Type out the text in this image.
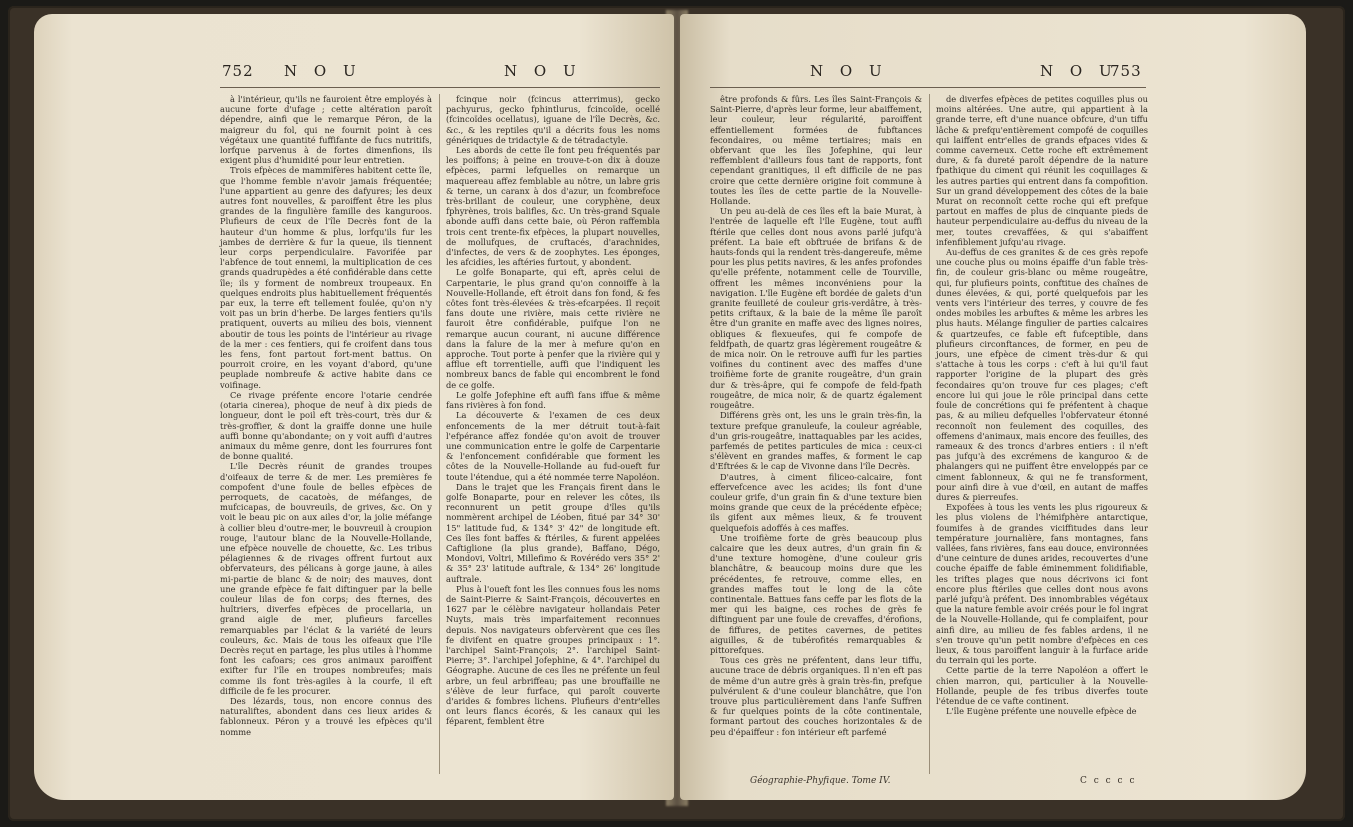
752 N O U	N O U

à l'intérieur, qu'ils ne fauroient être employés à aucune forte d'ufage ; cette altération paroît dépendre, ainfi que le remarque Péron, de la maigreur du fol, qui ne fournit point à ces végétaux une quantité fuffifante de fucs nutritifs, lorfque parvenus à de fortes dimenfions, ils exigent plus d'humidité pour leur entretien.

Trois efpèces de mammifères habitent cette île, que l'homme femble n'avoir jamais fréquentée; l'une appartient au genre des dafyures; les deux autres font nouvelles, & paroiffent être les plus grandes de la fingulière famille des kanguroos. Plufieurs de ceux de l'île Decrès font de la hauteur d'un homme & plus, lorfqu'ils fur les jambes de derrière & fur la queue, ils tiennent leur corps perpendiculaire. Favorifée par l'abfence de tout ennemi, la multiplication de ces grands quadrupèdes a été confidérable dans cette île; ils y forment de nombreux troupeaux. En quelques endroits plus habituellement fréquentés par eux, la terre eft tellement foulée, qu'on n'y voit pas un brin d'herbe. De larges fentiers qu'ils pratiquent, ouverts au milieu des bois, viennent aboutir de tous les points de l'intérieur au rivage de la mer : ces fentiers, qui fe croifent dans tous les fens, font partout fort-ment battus. On pourroit croire, en les voyant d'abord, qu'une peuplade nombreufe & active habite dans ce voifinage.

Ce rivage préfente encore l'otarie cendrée (otaria cinerea), phoque de neuf à dix pieds de longueur, dont le poil eft très-court, très dur & très-groffier, & dont la graiffe donne une huile auffi bonne qu'abondante; on y voit auffi d'autres animaux du même genre, dont les fourrures font de bonne qualité.

L'île Decrès réunit de grandes troupes d'oifeaux de terre & de mer. Les premières fe compofent d'une foule de belles efpèces de perroquets, de cacatoès, de méfanges, de mufcicapas, de bouvreuils, de grives, &c. On y voit le beau pic on aux ailes d'or, la jolie méfange à collier bleu d'outre-mer, le bouvreuil à croupion rouge, l'autour blanc de la Nouvelle-Hollande, une efpèce nouvelle de chouette, &c. Les tribus pélagiennes & de rivages offrent furtout aux obfervateurs, des pélicans à gorge jaune, à ailes mi-partie de blanc & de noir; des mauves, dont une grande efpèce fe fait diftinguer par la belle couleur lilas de fon corps; des fternes, des huîtriers, diverfes efpèces de procellaria, un grand aigle de mer, plufieurs farcelles remarquables par l'éclat & la variété de leurs couleurs, &c. Mais de tous les oifeaux que l'île Decrès reçut en partage, les plus utiles à l'homme font les cafoars; ces gros animaux paroiffent exifter fur l'île en troupes nombreufes; mais comme ils font très-agiles à la courfe, il eft difficile de fe les procurer.

Des lézards, tous, non encore connus des naturaliftes, abondent dans ces lieux arides & fablonneux. Péron y a trouvé les efpèces qu'il nomme

fcinque noir (fcincus atterrimus), gecko pachyurus, gecko fphintlurus, fcincoïde, ocellé (fcincoïdes ocellatus), iguane de l'île Decrès, &c. &c., & les reptiles qu'il a décrits fous les noms génériques de tridactyle & de tétradactyle.

Les abords de cette île font peu fréquentés par les poiffons; à peine en trouve-t-on dix à douze efpèces, parmi lefquelles on remarque un maquereau affez femblable au nôtre, un labre gris & terne, un caranx à dos d'azur, un fcombrefoce très-brillant de couleur, une coryphène, deux fphyrènes, trois balifles, &c. Un très-grand Squale abonde auffi dans cette baie, où Péron raffembla trois cent trente-fix efpèces, la plupart nouvelles, de mollufques, de cruftacés, d'arachnides, d'infectes, de vers & de zoophytes. Les éponges, les afcidies, les aftéries furtout, y abondent.

Le golfe Bonaparte, qui eft, après celui de Carpentarie, le plus grand qu'on connoiffe à la Nouvelle-Hollande, eft étroit dans fon fond, & fes côtes font très-élevées & très-efcarpées. Il reçoit fans doute une rivière, mais cette rivière ne fauroit être confidérable, puifque l'on ne remarque aucun courant, ni aucune différence dans la falure de la mer à mefure qu'on en approche. Tout porte à penfer que la rivière qui y afflue eft torrentielle, auffi que l'indiquent les nombreux bancs de fable qui encombrent le fond de ce golfe.

Le golfe Jofephine eft auffi fans iffue & même fans rivières à fon fond.

La découverte & l'examen de ces deux enfoncements de la mer détruit tout-à-fait l'efpérance affez fondée qu'on avoit de trouver une communication entre le golfe de Carpentarie & l'enfoncement confidérable que forment les côtes de la Nouvelle-Hollande au fud-oueft fur toute l'étendue, qui a été nommée terre Napoléon.

Dans le trajet que les Français firent dans le golfe Bonaparte, pour en relever les côtes, ils reconnurent un petit groupe d'îles qu'ils nommèrent archipel de Léoben, fitué par 34° 30' 15" latitude fud, & 134° 3' 42" de longitude eft. Ces îles font baffes & ftériles, & furent appelées Caftiglione (la plus grande), Baffano, Dégo, Mondovi, Voltri, Millefimo & Rovérédo vers 35° 2' & 35° 23' latitude auftrale, & 134° 26' longitude auftrale.

Plus à l'oueft font les îles connues fous les noms de Saint-Pierre & Saint-François, découvertes en 1627 par le célèbre navigateur hollandais Peter Nuyts, mais très imparfaitement reconnues depuis. Nos navigateurs obfervèrent que ces îles fe divifent en quatre groupes principaux : 1°. l'archipel Saint-François; 2°. l'archipel Saint-Pierre; 3°. l'archipel Jofephine, & 4°. l'archipel du Géographe. Aucune de ces îles ne préfente un feul arbre, un feul arbriffeau; pas une brouffaille ne s'élève de leur furface, qui paroît couverte d'arides & fombres lichens. Plufieurs d'entr'elles ont leurs flancs écorés, & les canaux qui les féparent, femblent être

N O U	N O U
753

être profonds & fûrs. Les îles Saint-François & Saint-Pierre, d'après leur forme, leur abaiffement, leur couleur, leur régularité, paroiffent effentiellement formées de fubftances fecondaires, ou même tertiaires; mais en obfervant que les îles Jofephine, qui leur reffemblent d'ailleurs fous tant de rapports, font cependant granitiques, il eft difficile de ne pas croire que cette dernière origine foit commune à toutes les îles de cette partie de la Nouvelle-Hollande.

Un peu au-delà de ces îles eft la baie Murat, à l'entrée de laquelle eft l'île Eugène, tout auffi ftérile que celles dont nous avons parlé jufqu'à préfent. La baie eft obftruée de brifans & de hauts-fonds qui la rendent très-dangereufe, même pour les plus petits navires, & les anfes profondes qu'elle préfente, notamment celle de Tourville, offrent les mêmes inconvéniens pour la navigation. L'île Eugène eft bordée de galets d'un granite feuilleté de couleur gris-verdâtre, à très-petits criftaux, & la baie de la même île paroît être d'un granite en maffe avec des lignes noires, obliques & flexueufes, qui fe compofe de feldfpath, de quartz gras légèrement rougeâtre & de mica noir. On le retrouve auffi fur les parties voifines du continent avec des maffes d'une troifième forte de granite rougeâtre, d'un grain dur & très-âpre, qui fe compofe de feld-fpath rougeâtre, de mica noir, & de quartz également rougeâtre.

Différens grès ont, les uns le grain très-fin, la texture prefque granuleufe, la couleur agréable, d'un gris-rougeâtre, inattaquables par les acides, parfemés de petites particules de mica : ceux-ci s'élèvent en grandes maffes, & forment le cap d'Eftrées & le cap de Vivonne dans l'île Decrès.

D'autres, à ciment filiceo-calcaire, font effervefcence avec les acides; ils font d'une couleur grife, d'un grain fin & d'une texture bien moins grande que ceux de la précédente efpèce; ils gifent aux mêmes lieux, & fe trouvent quelquefois adoffés à ces maffes.

Une troifième forte de grès beaucoup plus calcaire que les deux autres, d'un grain fin & d'une texture homogène, d'une couleur gris blanchâtre, & beaucoup moins dure que les précédentes, fe retrouve, comme elles, en grandes maffes tout le long de la côte continentale. Battues fans ceffe par les flots de la mer qui les baigne, ces roches de grès fe diftinguent par une foule de crevaffes, d'érofions, de fiffures, de petites cavernes, de petites aiguilles, & de tubérofités remarquables & pittorefques.

Tous ces grès ne préfentent, dans leur tiffu, aucune trace de débris organiques. Il n'en eft pas de même d'un autre grès à grain très-fin, prefque pulvérulent & d'une couleur blanchâtre, que l'on trouve plus particulièrement dans l'anfe Suffren & fur quelques points de la côte continentale, formant partout des couches horizontales & de peu d'épaiffeur : fon intérieur eft parfemé

de diverfes efpèces de petites coquilles plus ou moins altérées. Une autre, qui appartient à la grande terre, eft d'une nuance obfcure, d'un tiffu lâche & prefqu'entièrement compofé de coquilles qui laiffent entr'elles de grands efpaces vides & comme caverneux. Cette roche eft extrêmement dure, & fa dureté paroît dépendre de la nature fpathique du ciment qui réunit les coquillages & les autres parties qui entrent dans fa compofition. Sur un grand développement des côtes de la baie Murat on reconnoît cette roche qui eft prefque partout en maffes de plus de cinquante pieds de hauteur perpendiculaire au-deffus du niveau de la mer, toutes crevaffées, & qui s'abaiffent infenfiblement jufqu'au rivage.

Au-deffus de ces granites & de ces grès repofe une couche plus ou moins épaiffe d'un fable très-fin, de couleur gris-blanc ou même rougeâtre, qui, fur plufieurs points, conftitue des chaînes de dunes élevées, & qui, porté quelquefois par les vents vers l'intérieur des terres, y couvre de fes ondes mobiles les arbuftes & même les arbres les plus hauts. Mélange fingulier de parties calcaires & quartzeufes, ce fable eft fufceptible, dans plufieurs circonftances, de former, en peu de jours, une efpèce de ciment très-dur & qui s'attache à tous les corps : c'eft à lui qu'il faut rapporter l'origine de la plupart des grès fecondaires qu'on trouve fur ces plages; c'eft encore lui qui joue le rôle principal dans cette foule de concrétions qui fe préfentent à chaque pas, & au milieu defquelles l'obfervateur étonné reconnoît non feulement des coquilles, des offemens d'animaux, mais encore des feuilles, des rameaux & des troncs d'arbres entiers : il n'eft pas jufqu'à des excrémens de kanguroo & de phalangers qui ne puiffent être enveloppés par ce ciment fablonneux, & qui ne fe transforment, pour ainfi dire à vue d'œil, en autant de maffes dures & pierreufes.

Expofées à tous les vents les plus rigoureux & les plus violens de l'hémifphère antarctique, foumifes à de grandes viciffitudes dans leur température journalière, fans montagnes, fans vallées, fans rivières, fans eau douce, environnées d'une ceinture de dunes arides, recouvertes d'une couche épaiffe de fable éminemment folidifiable, les triftes plages que nous décrivons ici font encore plus ftériles que celles dont nous avons parlé jufqu'à préfent. Des innombrables végétaux que la nature femble avoir créés pour le fol ingrat de la Nouvelle-Hollande, qui fe complaifent, pour ainfi dire, au milieu de fes fables ardens, il ne s'en trouve qu'un petit nombre d'efpèces en ces lieux, & tous paroiffent languir à la furface aride du terrain qui les porte.

Cette partie de la terre Napoléon a offert le chien marron, qui, particulier à la Nouvelle-Hollande, peuple de fes tribus diverfes toute l'étendue de ce vafte continent.

L'île Eugène préfente une nouvelle efpèce de

Géographie-Phyfique. Tome IV.	C c c c c
